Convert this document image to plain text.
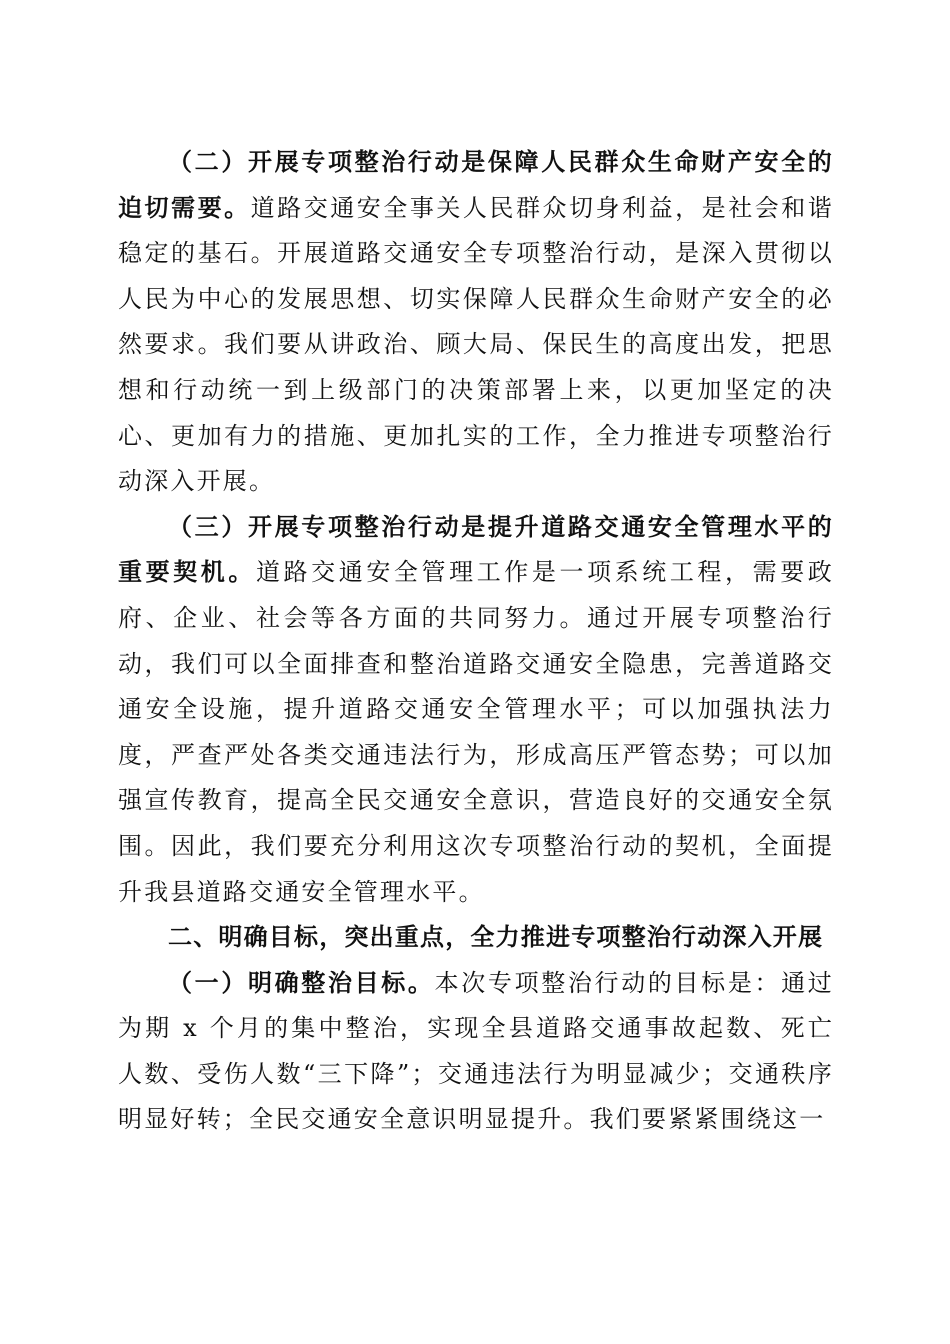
（二）开展专项整治行动是保障人民群众生命财产安全的迫切需要。道路交通安全事关人民群众切身利益，是社会和谐稳定的基石。开展道路交通安全专项整治行动，是深入贯彻以人民为中心的发展思想、切实保障人民群众生命财产安全的必然要求。我们要从讲政治、顾大局、保民生的高度出发，把思想和行动统一到上级部门的决策部署上来，以更加坚定的决心、更加有力的措施、更加扎实的工作，全力推进专项整治行动深入开展。

（三）开展专项整治行动是提升道路交通安全管理水平的重要契机。道路交通安全管理工作是一项系统工程，需要政府、企业、社会等各方面的共同努力。通过开展专项整治行动，我们可以全面排查和整治道路交通安全隐患，完善道路交通安全设施，提升道路交通安全管理水平；可以加强执法力度，严查严处各类交通违法行为，形成高压严管态势；可以加强宣传教育，提高全民交通安全意识，营造良好的交通安全氛围。因此，我们要充分利用这次专项整治行动的契机，全面提升我县道路交通安全管理水平。

二、明确目标，突出重点，全力推进专项整治行动深入开展

（一）明确整治目标。本次专项整治行动的目标是：通过为期 x 个月的集中整治，实现全县道路交通事故起数、死亡人数、受伤人数“三下降”；交通违法行为明显减少；交通秩序明显好转；全民交通安全意识明显提升。我们要紧紧围绕这一
